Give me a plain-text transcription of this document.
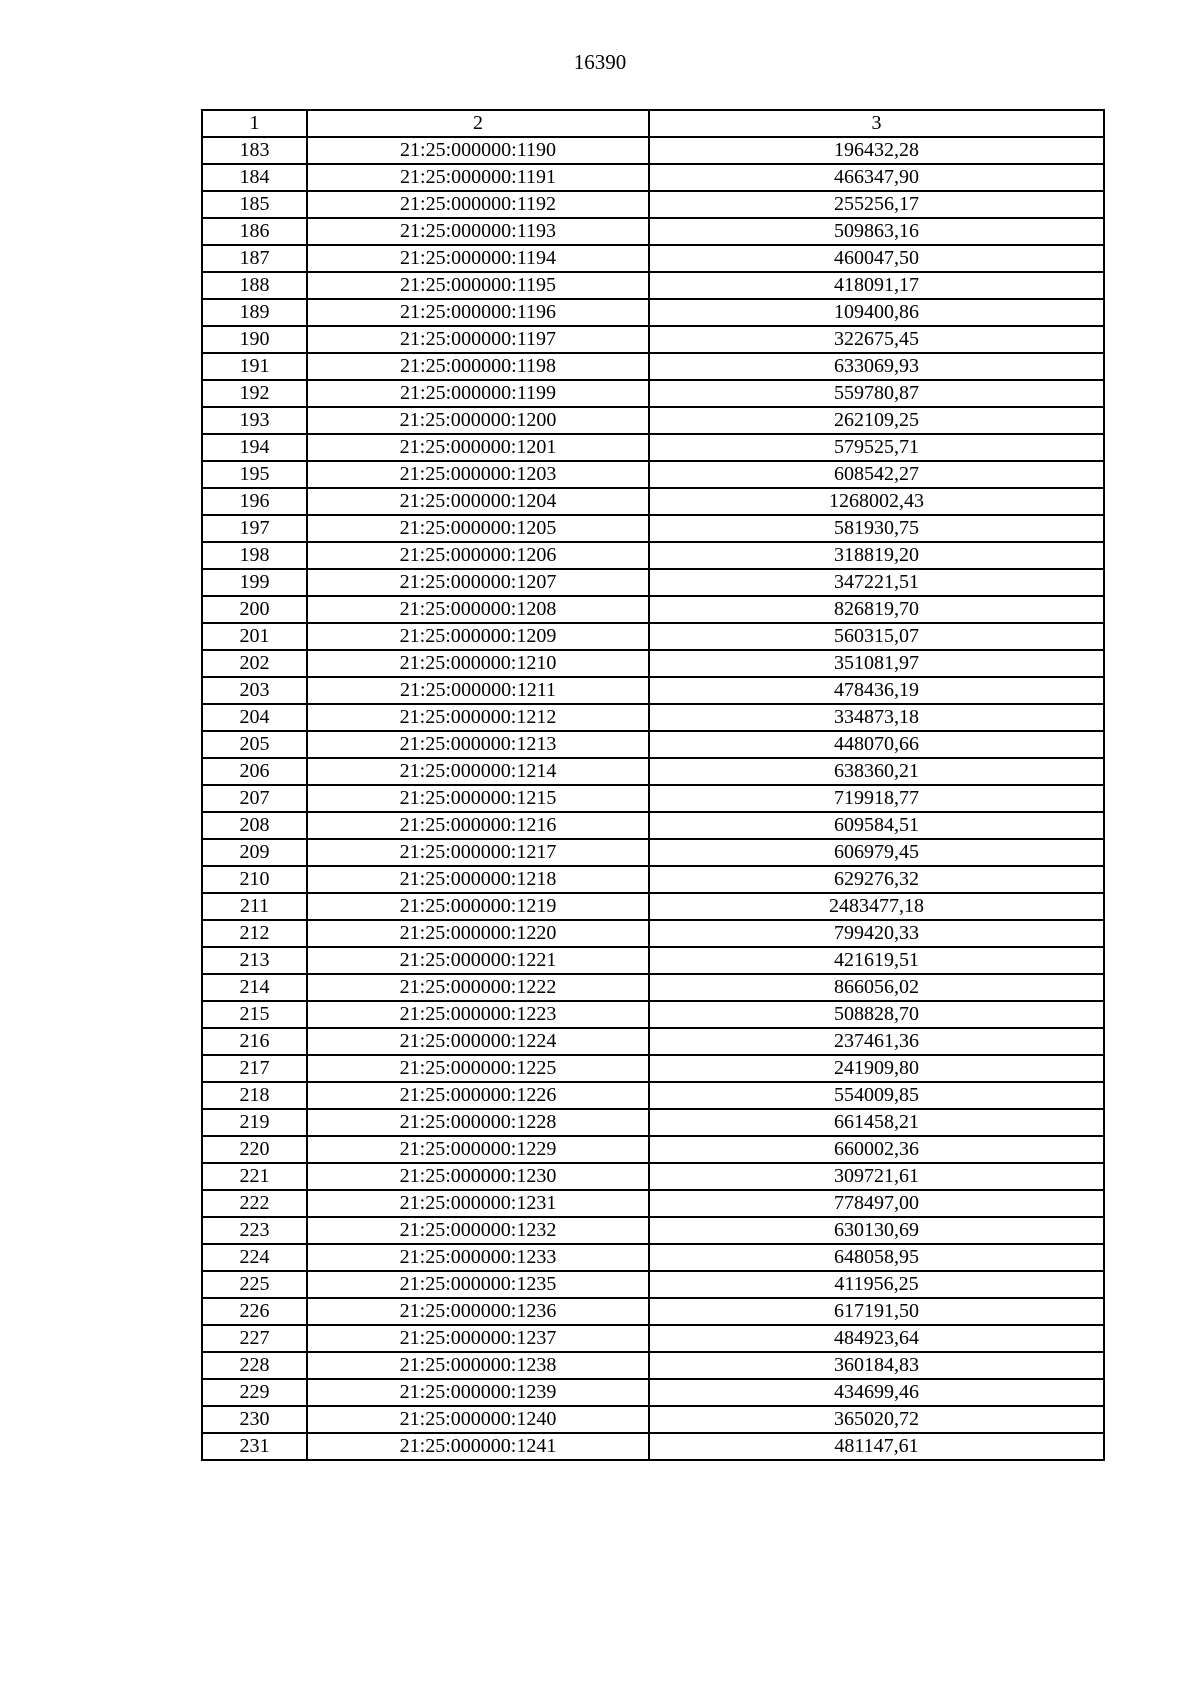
16390
1	2	3
183	21:25:000000:1190	196432,28
184	21:25:000000:1191	466347,90
185	21:25:000000:1192	255256,17
186	21:25:000000:1193	509863,16
187	21:25:000000:1194	460047,50
188	21:25:000000:1195	418091,17
189	21:25:000000:1196	109400,86
190	21:25:000000:1197	322675,45
191	21:25:000000:1198	633069,93
192	21:25:000000:1199	559780,87
193	21:25:000000:1200	262109,25
194	21:25:000000:1201	579525,71
195	21:25:000000:1203	608542,27
196	21:25:000000:1204	1268002,43
197	21:25:000000:1205	581930,75
198	21:25:000000:1206	318819,20
199	21:25:000000:1207	347221,51
200	21:25:000000:1208	826819,70
201	21:25:000000:1209	560315,07
202	21:25:000000:1210	351081,97
203	21:25:000000:1211	478436,19
204	21:25:000000:1212	334873,18
205	21:25:000000:1213	448070,66
206	21:25:000000:1214	638360,21
207	21:25:000000:1215	719918,77
208	21:25:000000:1216	609584,51
209	21:25:000000:1217	606979,45
210	21:25:000000:1218	629276,32
211	21:25:000000:1219	2483477,18
212	21:25:000000:1220	799420,33
213	21:25:000000:1221	421619,51
214	21:25:000000:1222	866056,02
215	21:25:000000:1223	508828,70
216	21:25:000000:1224	237461,36
217	21:25:000000:1225	241909,80
218	21:25:000000:1226	554009,85
219	21:25:000000:1228	661458,21
220	21:25:000000:1229	660002,36
221	21:25:000000:1230	309721,61
222	21:25:000000:1231	778497,00
223	21:25:000000:1232	630130,69
224	21:25:000000:1233	648058,95
225	21:25:000000:1235	411956,25
226	21:25:000000:1236	617191,50
227	21:25:000000:1237	484923,64
228	21:25:000000:1238	360184,83
229	21:25:000000:1239	434699,46
230	21:25:000000:1240	365020,72
231	21:25:000000:1241	481147,61
